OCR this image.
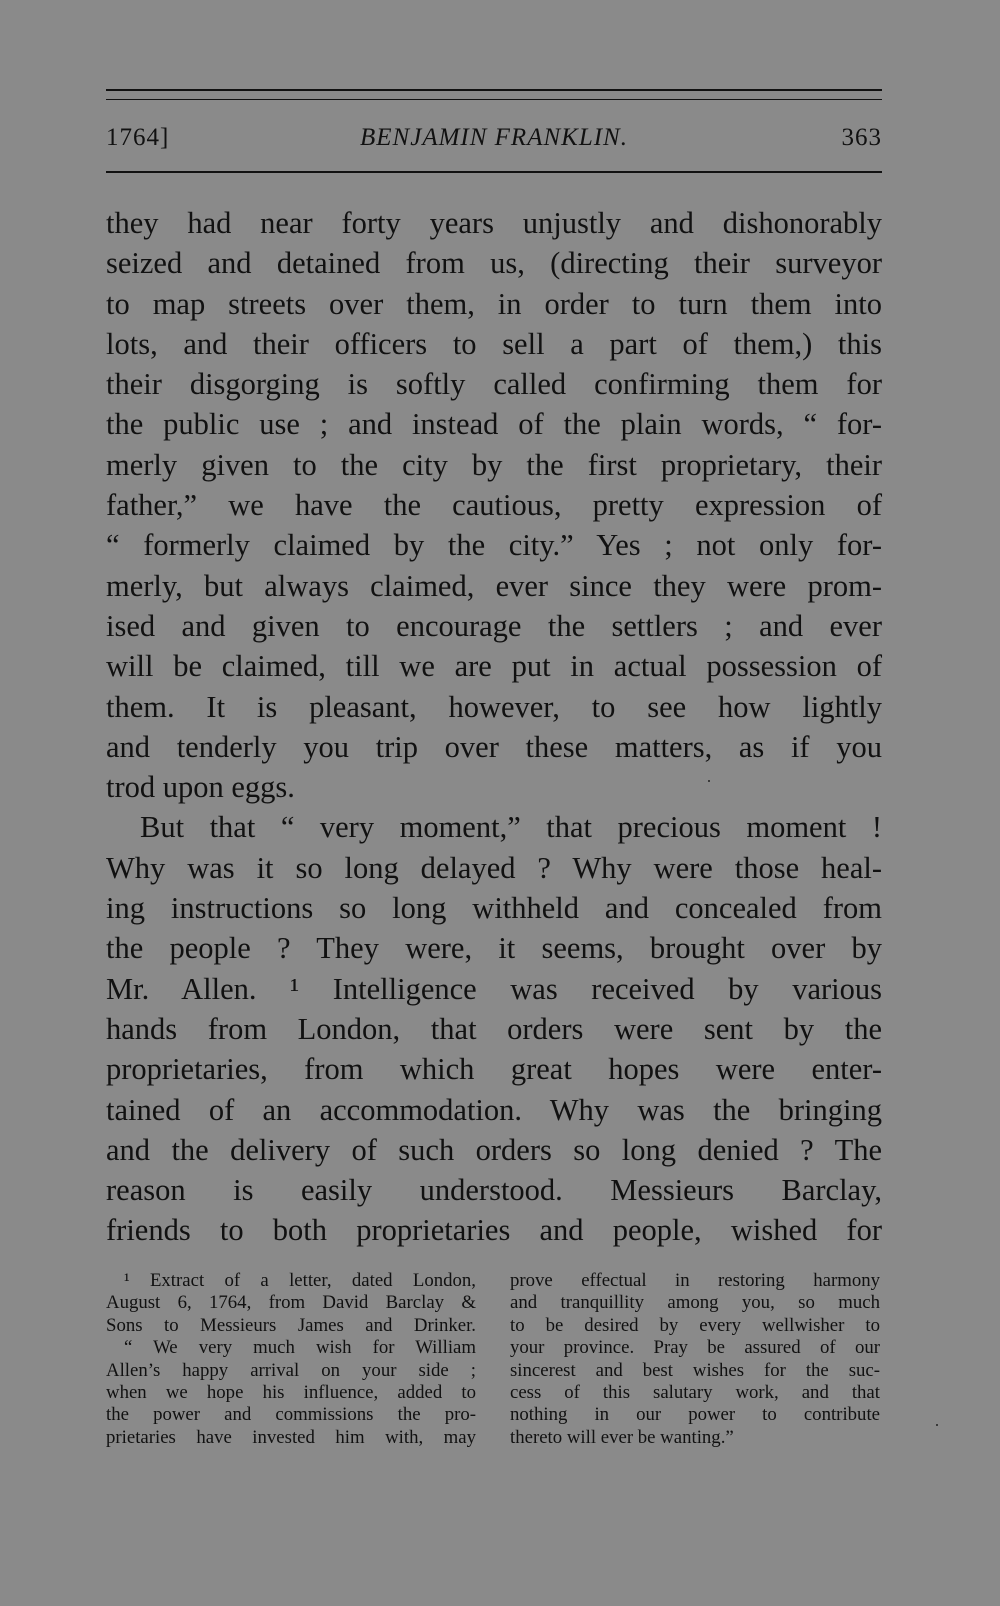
1764]	BENJAMIN FRANKLIN.	363
they had near forty years unjustly and dishonorably
seized and detained from us, (directing their surveyor
to map streets over them, in order to turn them into
lots, and their officers to sell a part of them,) this
their disgorging is softly called confirming them for
the public use ; and instead of the plain words, “ for-
merly given to the city by the first proprietary, their
father,” we have the cautious, pretty expression of
“ formerly claimed by the city.” Yes ; not only for-
merly, but always claimed, ever since they were prom-
ised and given to encourage the settlers ; and ever
will be claimed, till we are put in actual possession of
them. It is pleasant, however, to see how lightly
and tenderly you trip over these matters, as if you
trod upon eggs.
But that “ very moment,” that precious moment !
Why was it so long delayed ? Why were those heal-
ing instructions so long withheld and concealed from
the people ? They were, it seems, brought over by
Mr. Allen. ¹ Intelligence was received by various
hands from London, that orders were sent by the
proprietaries, from which great hopes were enter-
tained of an accommodation. Why was the bringing
and the delivery of such orders so long denied ? The
reason is easily understood. Messieurs Barclay,
friends to both proprietaries and people, wished for
¹ Extract of a letter, dated London,
August 6, 1764, from David Barclay &
Sons to Messieurs James and Drinker.
“ We very much wish for William
Allen’s happy arrival on your side ;
when we hope his influence, added to
the power and commissions the pro-
prietaries have invested him with, may
prove effectual in restoring harmony
and tranquillity among you, so much
to be desired by every wellwisher to
your province. Pray be assured of our
sincerest and best wishes for the suc-
cess of this salutary work, and that
nothing in our power to contribute
thereto will ever be wanting.”
